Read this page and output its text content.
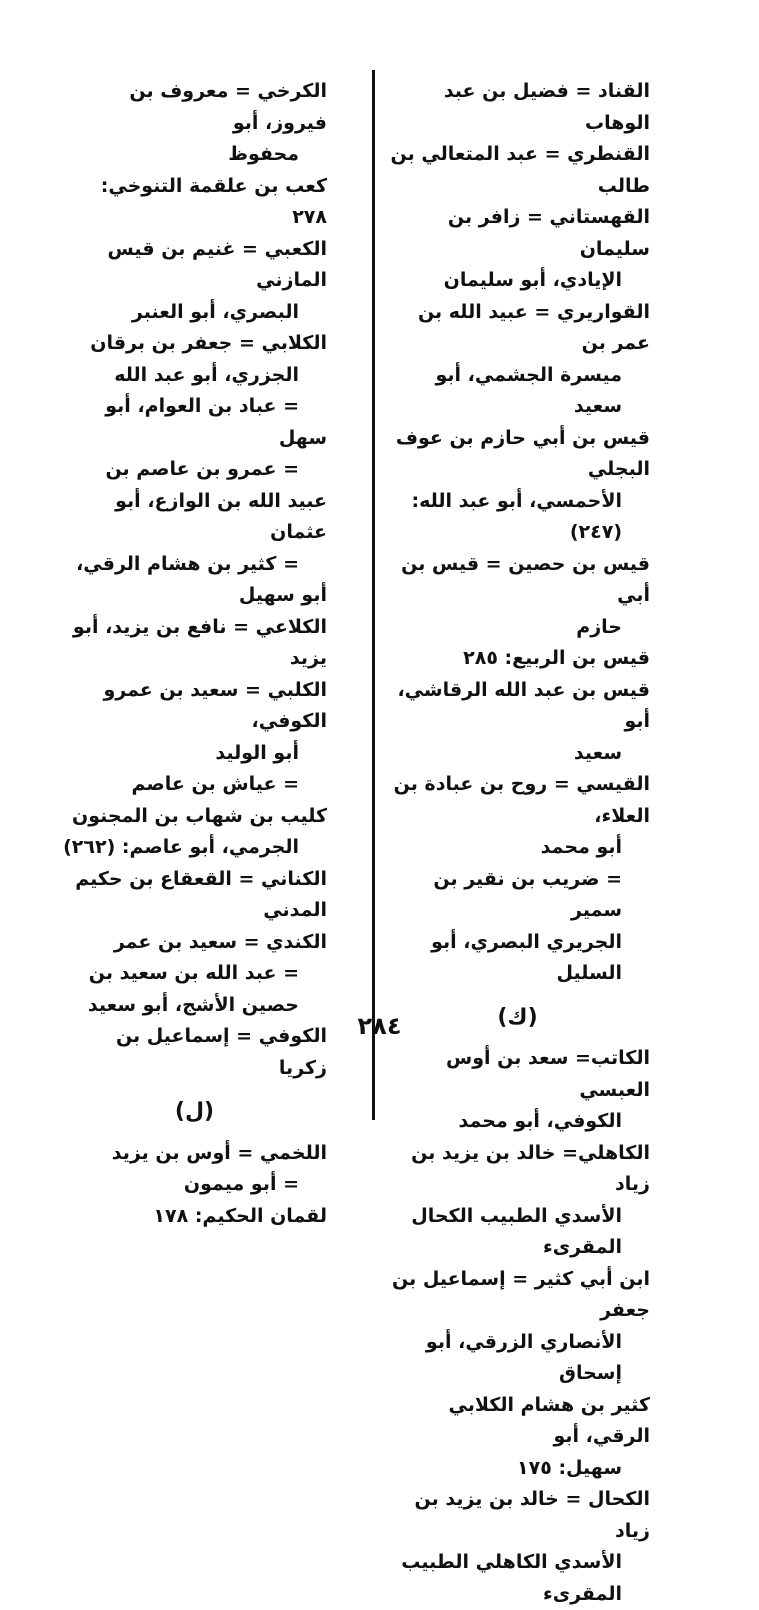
القناد = فضيل بن عبد الوهاب
القنطري = عبد المتعالي بن طالب
القهستاني = زافر بن سليمان
الإيادي، أبو سليمان
القواريري = عبيد الله بن عمر بن
ميسرة الجشمي، أبو سعيد
قيس بن أبي حازم بن عوف البجلي
الأحمسي، أبو عبد الله: (٢٤٧)
قيس بن حصين = قيس بن أبي
حازم
قيس بن الربيع: ٢٨٥
قيس بن عبد الله الرقاشي، أبو
سعيد
القيسي = روح بن عبادة بن العلاء،
أبو محمد
= ضريب بن نقير بن سمير
الجريري البصري، أبو السليل
(ك)
الكاتب= سعد بن أوس العبسي
الكوفي، أبو محمد
الكاهلي= خالد بن يزيد بن زياد
الأسدي الطبيب الكحال المقرىء
ابن أبي كثير = إسماعيل بن جعفر
الأنصاري الزرقي، أبو إسحاق
كثير بن هشام الكلابي الرقي، أبو
سهيل: ١٧٥
الكحال = خالد بن يزيد بن زياد
الأسدي الكاهلي الطبيب المقرىء
الكرخي = معروف بن فيروز، أبو
محفوظ
كعب بن علقمة التنوخي: ٢٧٨
الكعبي = غنيم بن قيس المازني
البصري، أبو العنبر
الكلابي = جعفر بن برقان
الجزري، أبو عبد الله
= عباد بن العوام، أبو
سهل
= عمرو بن عاصم بن
عبيد الله بن الوازع، أبو عثمان
= كثير بن هشام الرقي،
أبو سهيل
الكلاعي = نافع بن يزيد، أبو يزيد
الكلبي = سعيد بن عمرو الكوفي،
أبو الوليد
= عياش بن عاصم
كليب بن شهاب بن المجنون
الجرمي، أبو عاصم: (٢٦٢)
الكناني = القعقاع بن حكيم المدني
الكندي = سعيد بن عمر
= عبد الله بن سعيد بن
حصين الأشج، أبو سعيد
الكوفي = إسماعيل بن زكريا
(ل)
اللخمي = أوس بن يزيد
= أبو ميمون
لقمان الحكيم: ١٧٨
٢٨٤
